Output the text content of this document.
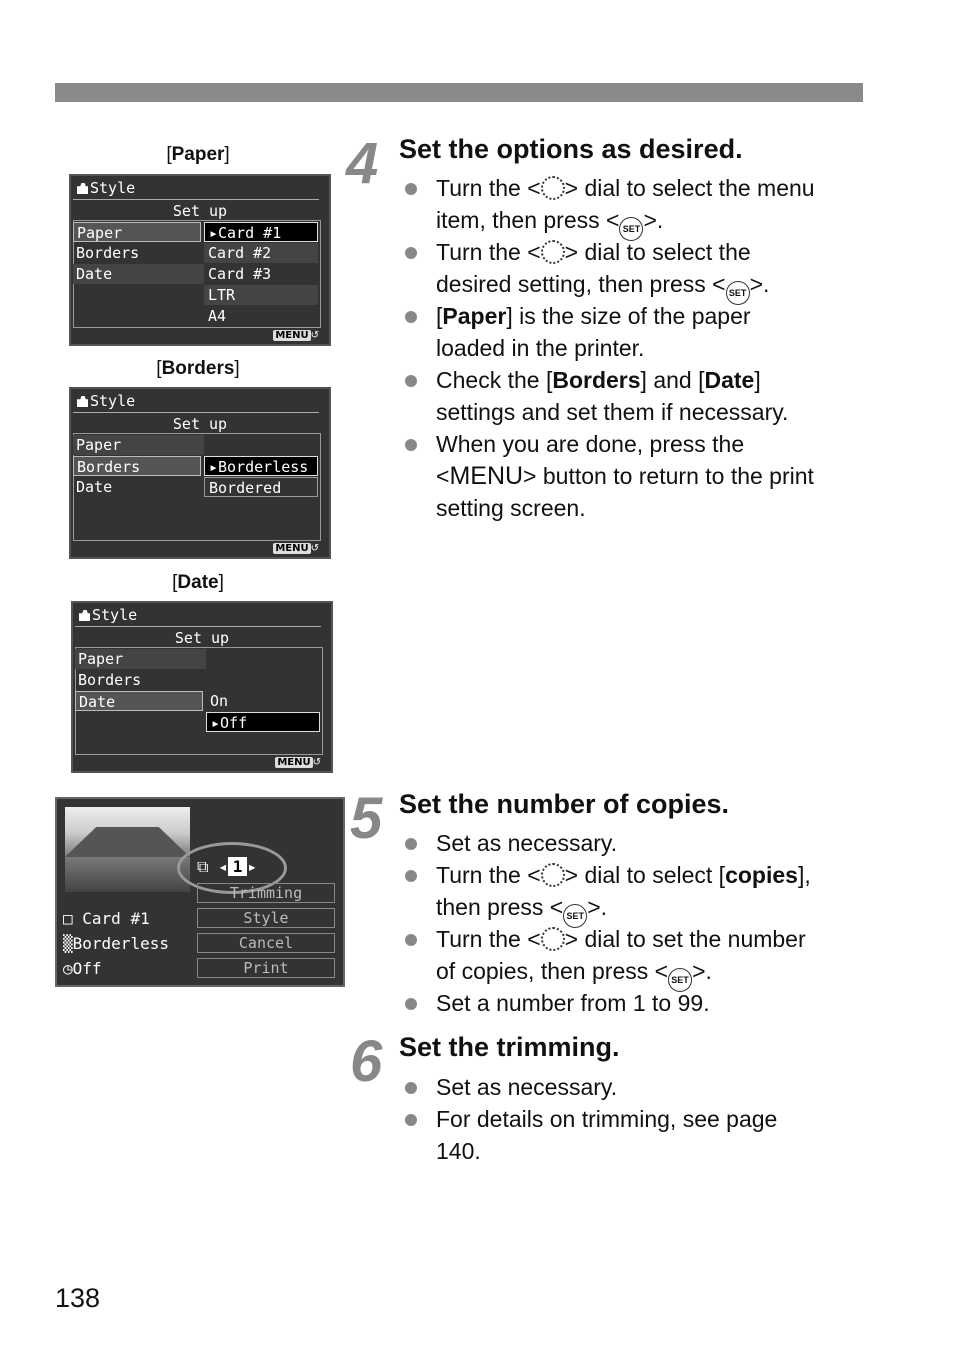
[Paper]
Style
Set up
Paper
Borders
Date
▸Card #1
Card #2
Card #3
LTR
A4
MENU ↺
[Borders]
Style
Set up
Paper
Borders
Date
▸Borderless
Bordered
MENU ↺
[Date]
Style
Set up
Paper
Borders
Date	On
▸Off
MENU ↺
⧉ ◂ 1 ▸
Trimming
Style
Cancel
Print
□ Card #1
▒Borderless
◷Off
4 Set the options as desired.
Turn the < > dial to select the menu
item, then press < SET >.
Turn the < > dial to select the
desired setting, then press < SET >.
[Paper] is the size of the paper
loaded in the printer.
Check the [Borders] and [Date]
settings and set them if necessary.
When you are done, press the
<MENU> button to return to the print
setting screen.
5 Set the number of copies.
Set as necessary.
Turn the < > dial to select [copies],
then press < SET >.
Turn the < > dial to set the number
of copies, then press < SET >.
Set a number from 1 to 99.
6 Set the trimming.
Set as necessary.
For details on trimming, see page
140.
138
